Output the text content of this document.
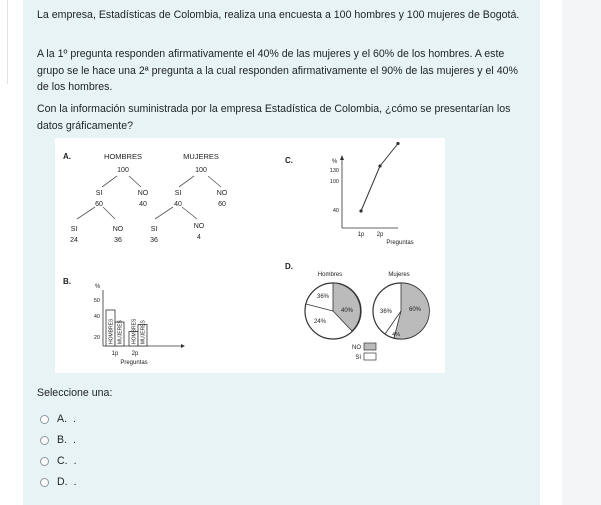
La empresa, Estadísticas de Colombia, realiza una encuesta a 100 hombres y 100 mujeres de Bogotá.

A la 1º pregunta responden afirmativamente el 40% de las mujeres y el 60% de los hombres. A este grupo se le hace una 2ª pregunta a la cual responden afirmativamente el 90% de las mujeres y el 40% de los hombres.

Con la información suministrada por la empresa Estadística de Colombia, ¿cómo se presentarían los datos gráficamente?

A.	HOMBRES
100
MUJERES
100
SI
60
NO
40
SI
40
NO
60
SI
24
NO
36
SI
36
NO
4
B.
%
50
40
20 HOMBRES MUJERES HOMBRES MUJERES
1p 2p
Preguntas
C.	%
130
100
40
1p 2p
Preguntas
D.
Hombres	Mujeres
36%
40%
24%
36%	60%
4%
NO
SI
Seleccione una:
A. .
B. .
C. .
D. .
